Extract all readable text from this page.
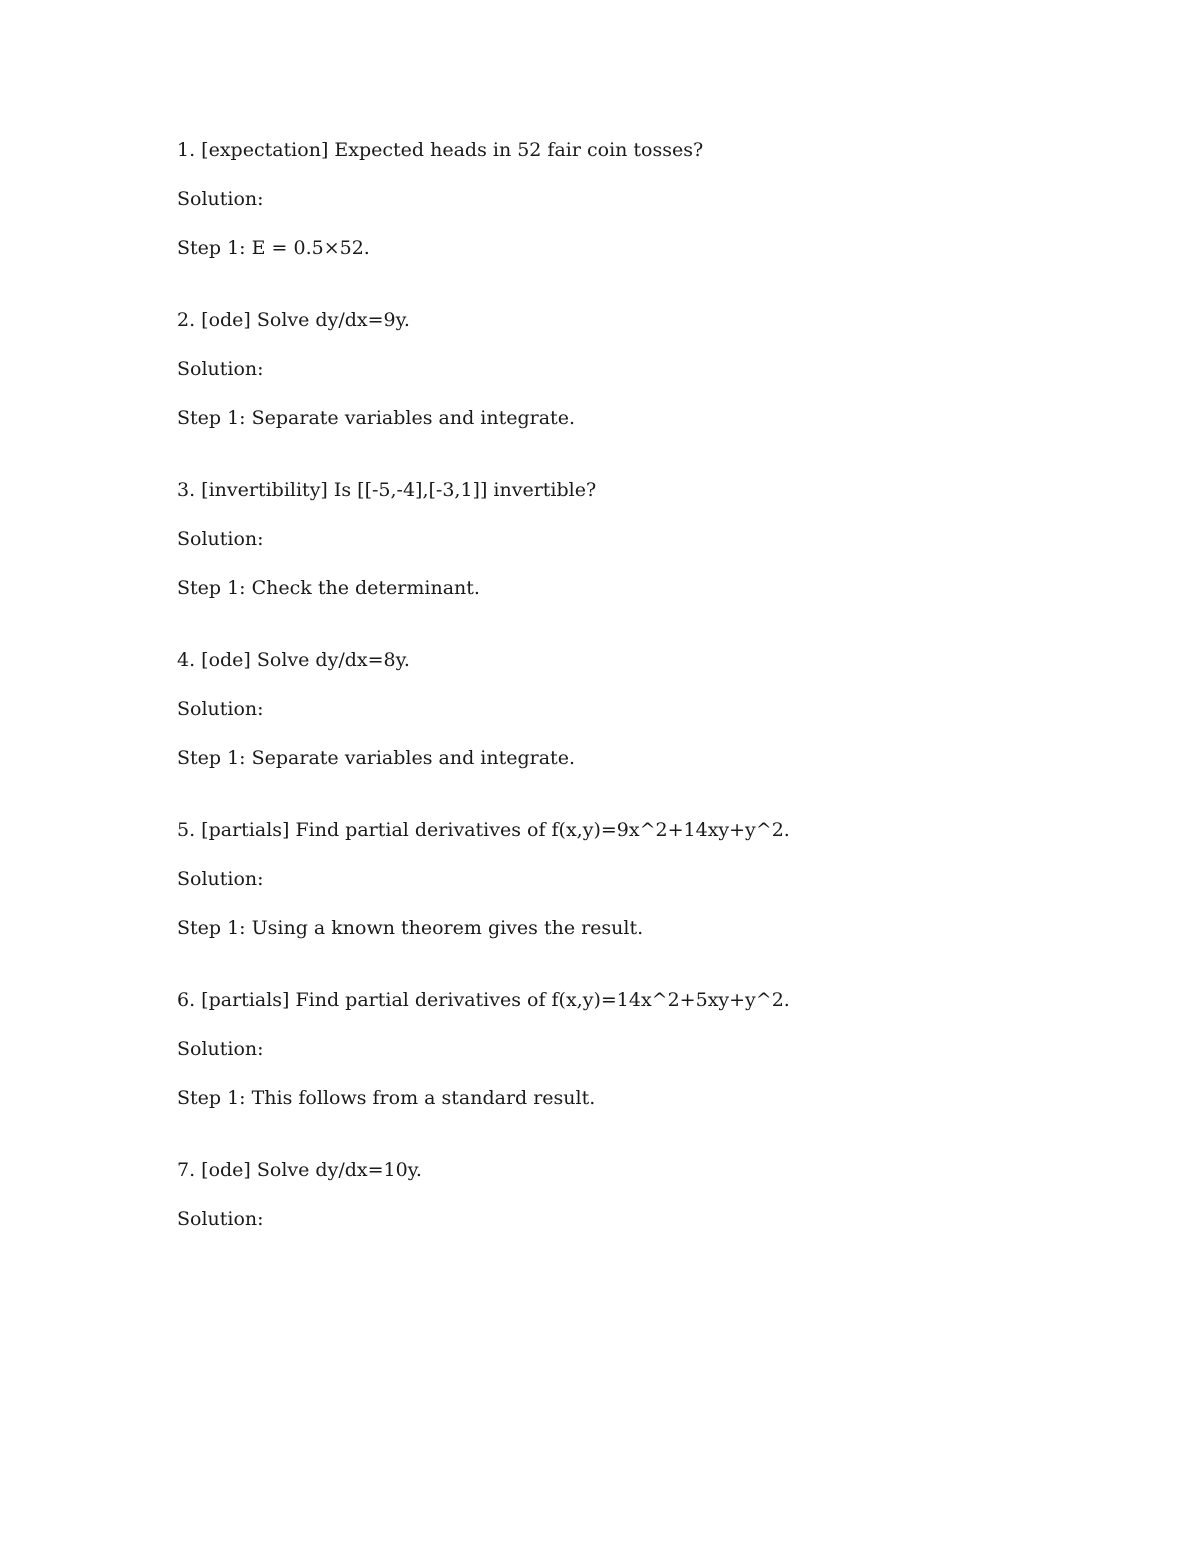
1. [expectation] Expected heads in 52 fair coin tosses?
Solution:
Step 1: E = 0.5×52.
2. [ode] Solve dy/dx=9y.
Solution:
Step 1: Separate variables and integrate.
3. [invertibility] Is [[-5,-4],[-3,1]] invertible?
Solution:
Step 1: Check the determinant.
4. [ode] Solve dy/dx=8y.
Solution:
Step 1: Separate variables and integrate.
5. [partials] Find partial derivatives of f(x,y)=9x^2+14xy+y^2.
Solution:
Step 1: Using a known theorem gives the result.
6. [partials] Find partial derivatives of f(x,y)=14x^2+5xy+y^2.
Solution:
Step 1: This follows from a standard result.
7. [ode] Solve dy/dx=10y.
Solution:
